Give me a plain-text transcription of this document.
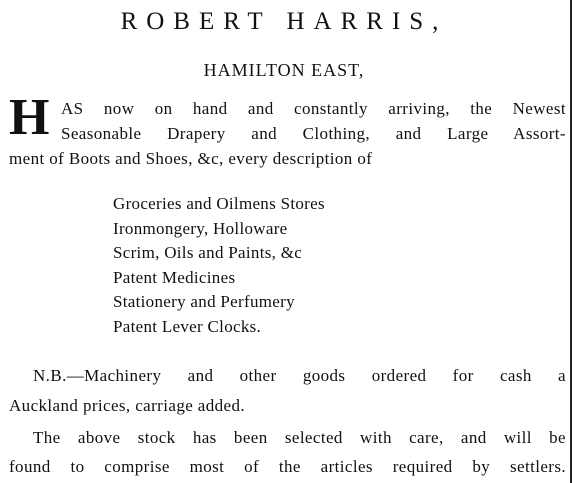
ROBERT HARRIS,
HAMILTON EAST,
H AS now on hand and constantly arriving, the Newest
Seasonable Drapery and Clothing, and Large Assort-
ment of Boots and Shoes, &c, every description of
Groceries and Oilmens Stores
Ironmongery, Holloware
Scrim, Oils and Paints, &c
Patent Medicines
Stationery and Perfumery
Patent Lever Clocks.
N.B.—Machinery and other goods ordered for cash a
Auckland prices, carriage added.
The above stock has been selected with care, and will be
found to comprise most of the articles required by settlers.
